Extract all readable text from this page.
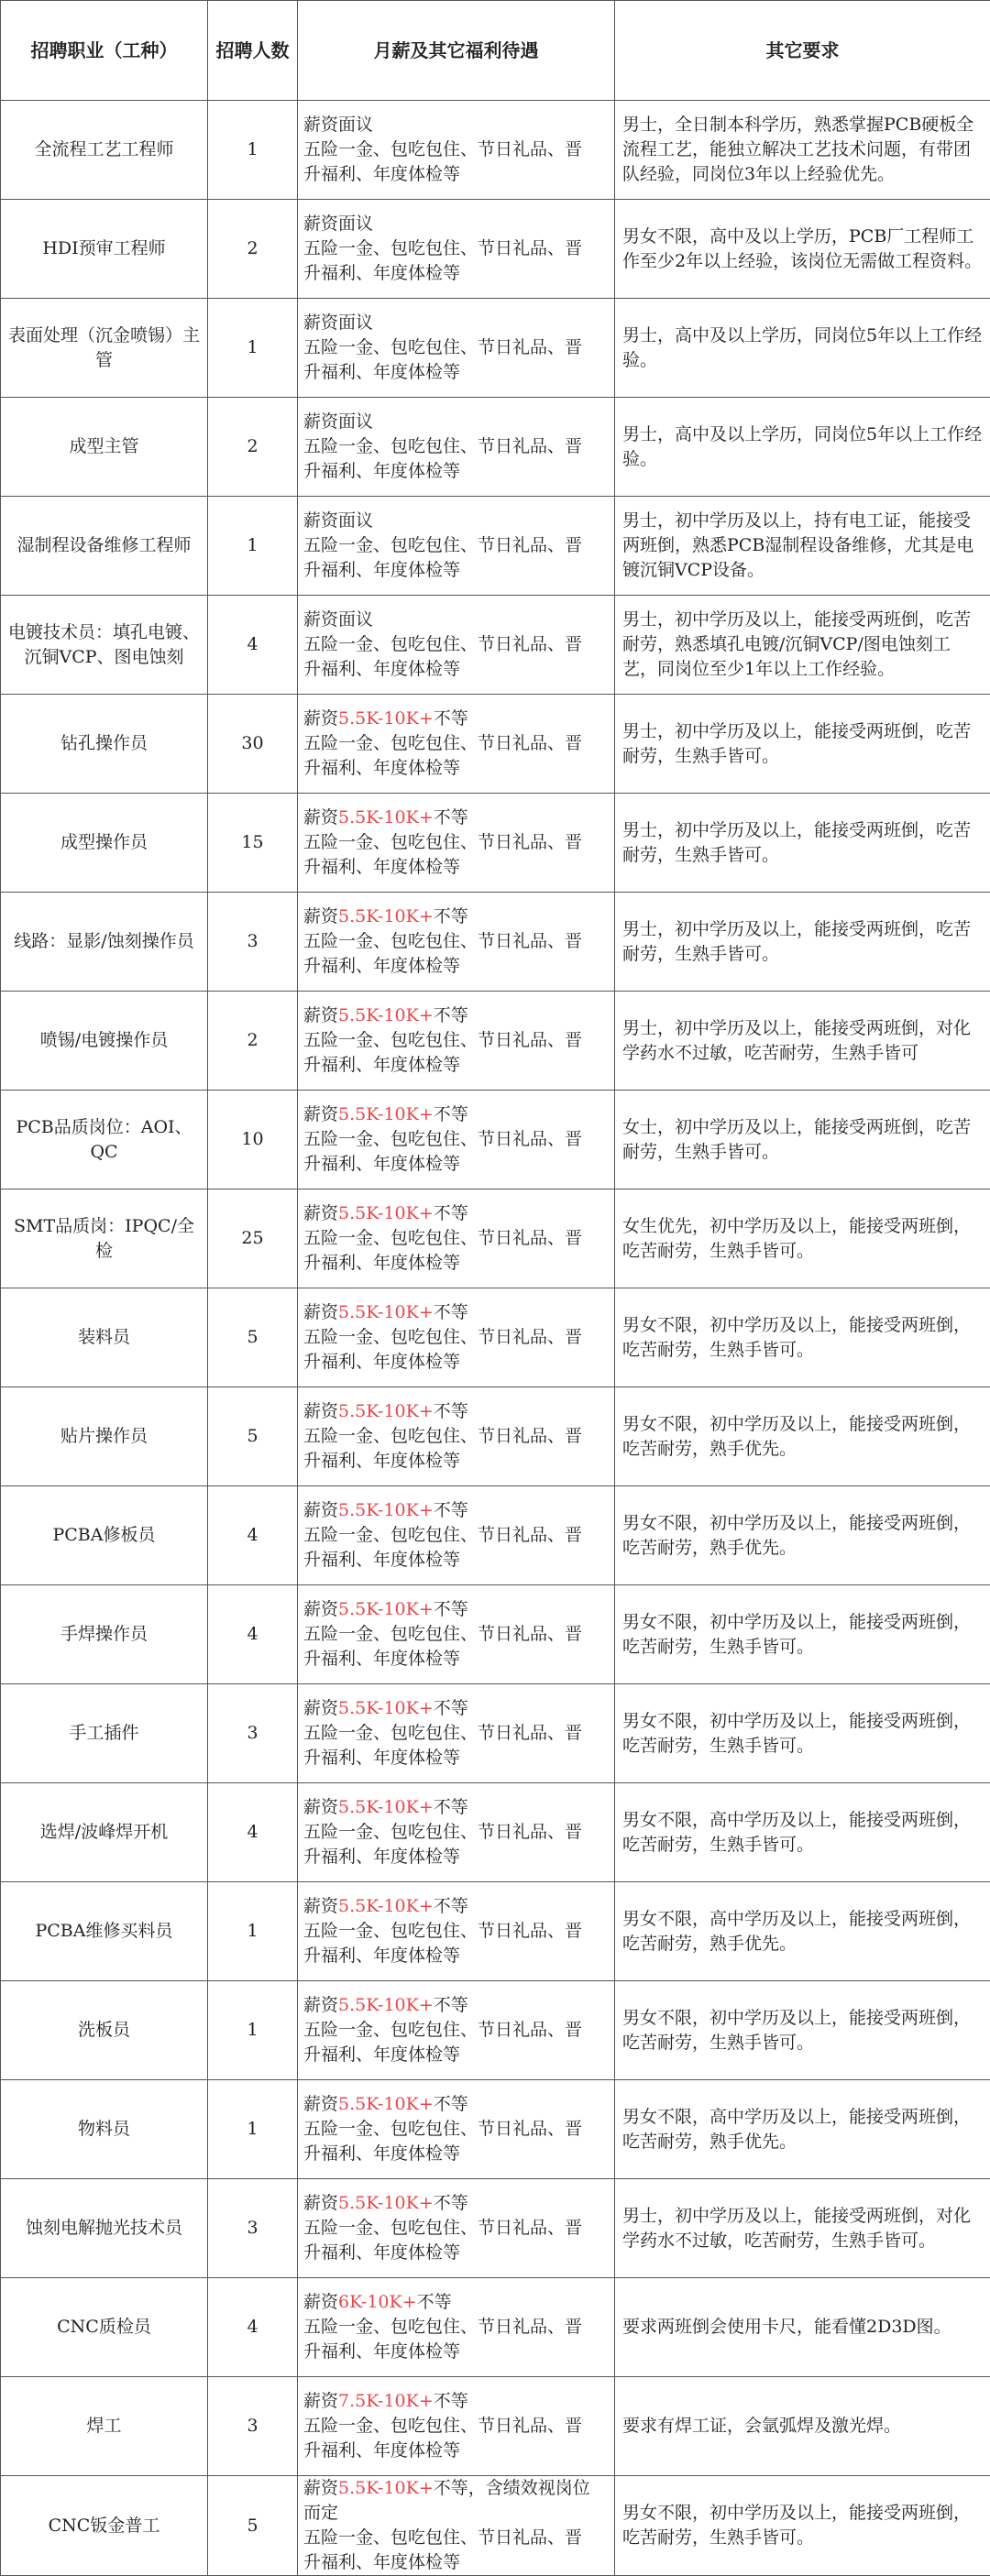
招聘职业（工种）	招聘人数	月薪及其它福利待遇	其它要求
全流程工艺工程师	1	薪资面议
五险一金、包吃包住、节日礼品、晋
升福利、年度体检等	男士，全日制本科学历，熟悉掌握PCB硬板全流程工艺，能独立解决工艺技术问题，有带团队经验，同岗位3年以上经验优先。

HDI预审工程师	2	薪资面议
五险一金、包吃包住、节日礼品、晋
升福利、年度体检等	男女不限，高中及以上学历，PCB厂工程师工作至少2年以上经验，该岗位无需做工程资料。

表面处理（沉金喷锡）主管	1	薪资面议
五险一金、包吃包住、节日礼品、晋
升福利、年度体检等	男士，高中及以上学历，同岗位5年以上工作经验。

成型主管	2	薪资面议
五险一金、包吃包住、节日礼品、晋
升福利、年度体检等	男士，高中及以上学历，同岗位5年以上工作经验。

湿制程设备维修工程师	1	薪资面议
五险一金、包吃包住、节日礼品、晋
升福利、年度体检等	男士，初中学历及以上，持有电工证，能接受两班倒，熟悉PCB湿制程设备维修，尤其是电镀沉铜VCP设备。

电镀技术员：填孔电镀、沉铜VCP、图电蚀刻	4	薪资面议
五险一金、包吃包住、节日礼品、晋
升福利、年度体检等	男士，初中学历及以上，能接受两班倒，吃苦耐劳，熟悉填孔电镀/沉铜VCP/图电蚀刻工艺，同岗位至少1年以上工作经验。

钻孔操作员	30	薪资5.5K-10K+不等
五险一金、包吃包住、节日礼品、晋
升福利、年度体检等	男士，初中学历及以上，能接受两班倒，吃苦耐劳，生熟手皆可。

成型操作员	15	薪资5.5K-10K+不等
五险一金、包吃包住、节日礼品、晋
升福利、年度体检等	男士，初中学历及以上，能接受两班倒，吃苦耐劳，生熟手皆可。

线路：显影/蚀刻操作员	3	薪资5.5K-10K+不等
五险一金、包吃包住、节日礼品、晋
升福利、年度体检等	男士，初中学历及以上，能接受两班倒，吃苦耐劳，生熟手皆可。

喷锡/电镀操作员	2	薪资5.5K-10K+不等
五险一金、包吃包住、节日礼品、晋
升福利、年度体检等	男士，初中学历及以上，能接受两班倒，对化学药水不过敏，吃苦耐劳，生熟手皆可

PCB品质岗位：AOI、QC	10	薪资5.5K-10K+不等
五险一金、包吃包住、节日礼品、晋
升福利、年度体检等	女士，初中学历及以上，能接受两班倒，吃苦耐劳，生熟手皆可。

SMT品质岗：IPQC/全检	25	薪资5.5K-10K+不等
五险一金、包吃包住、节日礼品、晋
升福利、年度体检等	女生优先，初中学历及以上，能接受两班倒，吃苦耐劳，生熟手皆可。

装料员	5	薪资5.5K-10K+不等
五险一金、包吃包住、节日礼品、晋
升福利、年度体检等	男女不限，初中学历及以上，能接受两班倒，吃苦耐劳，生熟手皆可。

贴片操作员	5	薪资5.5K-10K+不等
五险一金、包吃包住、节日礼品、晋
升福利、年度体检等	男女不限，初中学历及以上，能接受两班倒，吃苦耐劳，熟手优先。

PCBA修板员	4	薪资5.5K-10K+不等
五险一金、包吃包住、节日礼品、晋
升福利、年度体检等	男女不限，初中学历及以上，能接受两班倒，吃苦耐劳，熟手优先。

手焊操作员	4	薪资5.5K-10K+不等
五险一金、包吃包住、节日礼品、晋
升福利、年度体检等	男女不限，初中学历及以上，能接受两班倒，吃苦耐劳，生熟手皆可。

手工插件	3	薪资5.5K-10K+不等
五险一金、包吃包住、节日礼品、晋
升福利、年度体检等	男女不限，初中学历及以上，能接受两班倒，吃苦耐劳，生熟手皆可。

选焊/波峰焊开机	4	薪资5.5K-10K+不等
五险一金、包吃包住、节日礼品、晋
升福利、年度体检等	男女不限，高中学历及以上，能接受两班倒，吃苦耐劳，生熟手皆可。

PCBA维修买料员	1	薪资5.5K-10K+不等
五险一金、包吃包住、节日礼品、晋
升福利、年度体检等	男女不限，高中学历及以上，能接受两班倒，吃苦耐劳，熟手优先。

洗板员	1	薪资5.5K-10K+不等
五险一金、包吃包住、节日礼品、晋
升福利、年度体检等	男女不限，初中学历及以上，能接受两班倒，吃苦耐劳，生熟手皆可。

物料员	1	薪资5.5K-10K+不等
五险一金、包吃包住、节日礼品、晋
升福利、年度体检等	男女不限，高中学历及以上，能接受两班倒，吃苦耐劳，熟手优先。

蚀刻电解抛光技术员	3	薪资5.5K-10K+不等
五险一金、包吃包住、节日礼品、晋
升福利、年度体检等	男士，初中学历及以上，能接受两班倒，对化学药水不过敏，吃苦耐劳，生熟手皆可。

CNC质检员	4	薪资6K-10K+不等
五险一金、包吃包住、节日礼品、晋
升福利、年度体检等	要求两班倒会使用卡尺，能看懂2D3D图。

焊工	3	薪资7.5K-10K+不等
五险一金、包吃包住、节日礼品、晋
升福利、年度体检等	要求有焊工证，会氩弧焊及激光焊。

CNC钣金普工	5	薪资5.5K-10K+不等，含绩效视岗位而定
五险一金、包吃包住、节日礼品、晋
升福利、年度体检等	男女不限，初中学历及以上，能接受两班倒，吃苦耐劳，生熟手皆可。
